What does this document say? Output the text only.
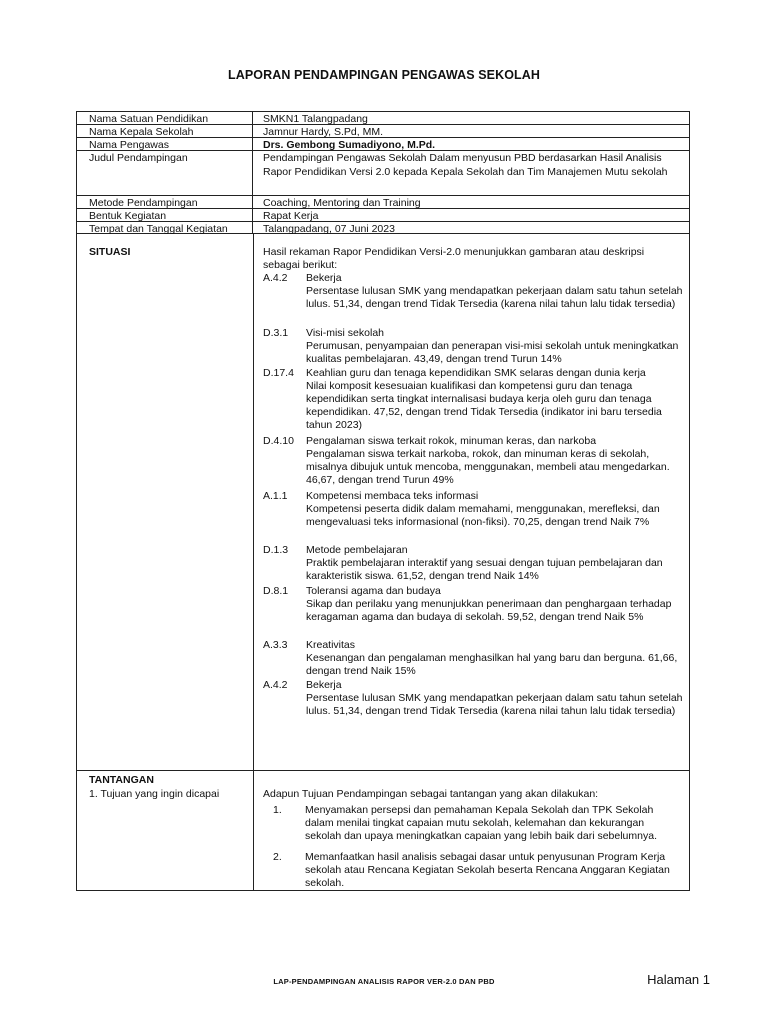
LAPORAN PENDAMPINGAN PENGAWAS SEKOLAH
Nama Satuan Pendidikan	SMKN1 Talangpadang
Nama Kepala Sekolah	Jamnur Hardy, S.Pd, MM.
Nama Pengawas	Drs. Gembong Sumadiyono, M.Pd.
Judul Pendampingan	Pendampingan Pengawas Sekolah Dalam menyusun PBD berdasarkan Hasil Analisis
Rapor Pendidikan Versi 2.0 kepada Kepala Sekolah dan Tim Manajemen Mutu sekolah
Metode Pendampingan	Coaching, Mentoring dan Training
Bentuk Kegiatan	Rapat Kerja
Tempat dan Tanggal Kegiatan	Talangpadang, 07 Juni 2023
SITUASI	Hasil rekaman Rapor Pendidikan Versi-2.0 menunjukkan gambaran atau deskripsi sebagai berikut:
A.4.2	Bekerja
Persentase lulusan SMK yang mendapatkan pekerjaan dalam satu tahun setelah lulus. 51,34, dengan trend Tidak Tersedia (karena nilai tahun lalu tidak tersedia)
D.3.1	Visi-misi sekolah
Perumusan, penyampaian dan penerapan visi-misi sekolah untuk meningkatkan kualitas pembelajaran. 43,49, dengan trend Turun 14%
D.17.4	Keahlian guru dan tenaga kependidikan SMK selaras dengan dunia kerja
Nilai komposit kesesuaian kualifikasi dan kompetensi guru dan tenaga kependidikan serta tingkat internalisasi budaya kerja oleh guru dan tenaga kependidikan. 47,52, dengan trend Tidak Tersedia (indikator ini baru tersedia tahun 2023)
D.4.10	Pengalaman siswa terkait rokok, minuman keras, dan narkoba
Pengalaman siswa terkait narkoba, rokok, dan minuman keras di sekolah, misalnya dibujuk untuk mencoba, menggunakan, membeli atau mengedarkan. 46,67, dengan trend Turun 49%
A.1.1	Kompetensi membaca teks informasi
Kompetensi peserta didik dalam memahami, menggunakan, merefleksi, dan mengevaluasi teks informasional (non-fiksi). 70,25, dengan trend Naik 7%
D.1.3	Metode pembelajaran
Praktik pembelajaran interaktif yang sesuai dengan tujuan pembelajaran dan karakteristik siswa. 61,52, dengan trend Naik 14%
D.8.1	Toleransi agama dan budaya
Sikap dan perilaku yang menunjukkan penerimaan dan penghargaan terhadap keragaman agama dan budaya di sekolah. 59,52, dengan trend Naik 5%
A.3.3	Kreativitas
Kesenangan dan pengalaman menghasilkan hal yang baru dan berguna. 61,66, dengan trend Naik 15%
A.4.2	Bekerja
Persentase lulusan SMK yang mendapatkan pekerjaan dalam satu tahun setelah lulus. 51,34, dengan trend Tidak Tersedia (karena nilai tahun lalu tidak tersedia)
TANTANGAN
1. Tujuan yang ingin dicapai	Adapun Tujuan Pendampingan sebagai tantangan yang akan dilakukan:
1. Menyamakan persepsi dan pemahaman Kepala Sekolah dan TPK Sekolah dalam menilai tingkat capaian mutu sekolah, kelemahan dan kekurangan sekolah dan upaya meningkatkan capaian yang lebih baik dari sebelumnya.
2. Memanfaatkan hasil analisis sebagai dasar untuk penyusunan Program Kerja sekolah atau Rencana Kegiatan Sekolah beserta Rencana Anggaran Kegiatan sekolah.
LAP-PENDAMPINGAN ANALISIS RAPOR VER-2.0 DAN PBD	Halaman 1
